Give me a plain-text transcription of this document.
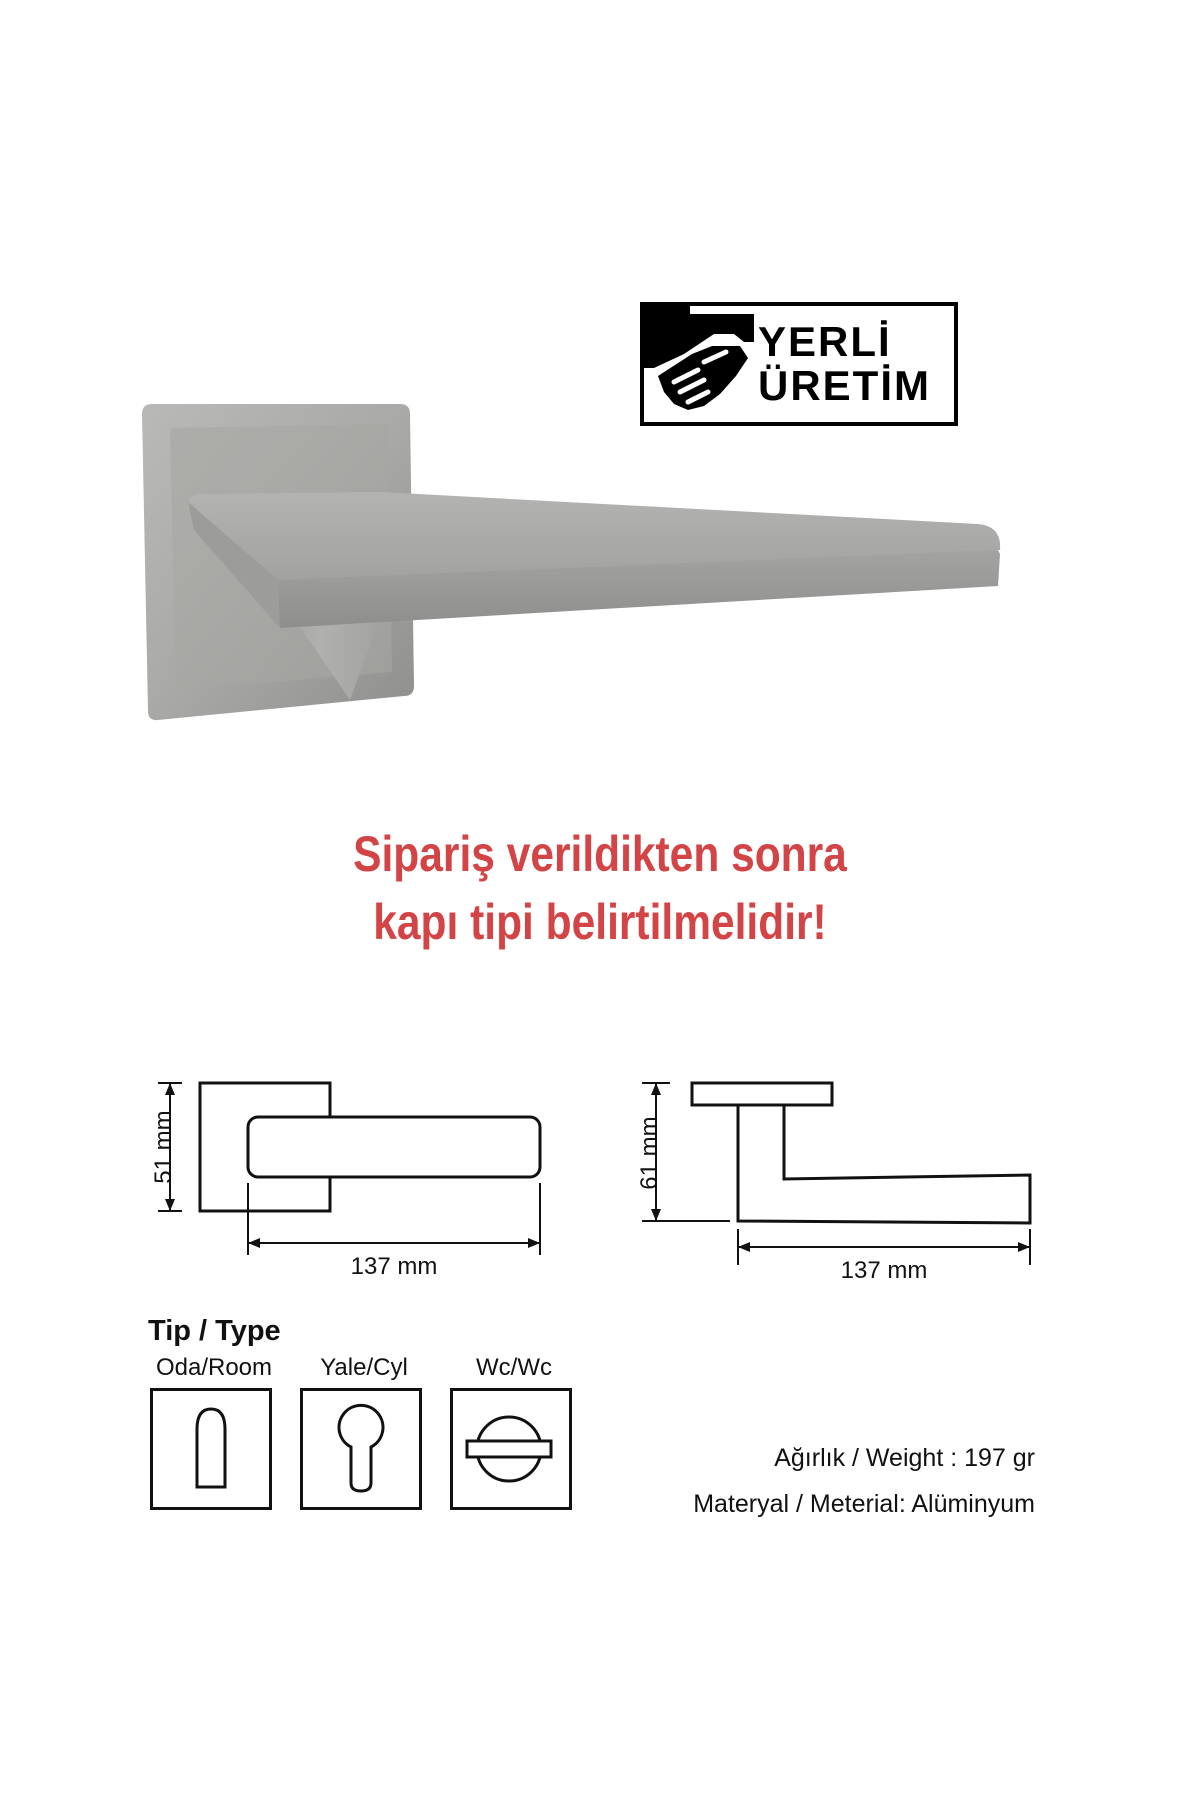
YERLİ
ÜRETİM
Sipariş verildikten sonra
kapı tipi belirtilmelidir!
51 mm
137 mm
61 mm
137 mm
Tip / Type
Oda/Room	Yale/Cyl	Wc/Wc
Ağırlık / Weight : 197 gr
Materyal / Meterial: Alüminyum
